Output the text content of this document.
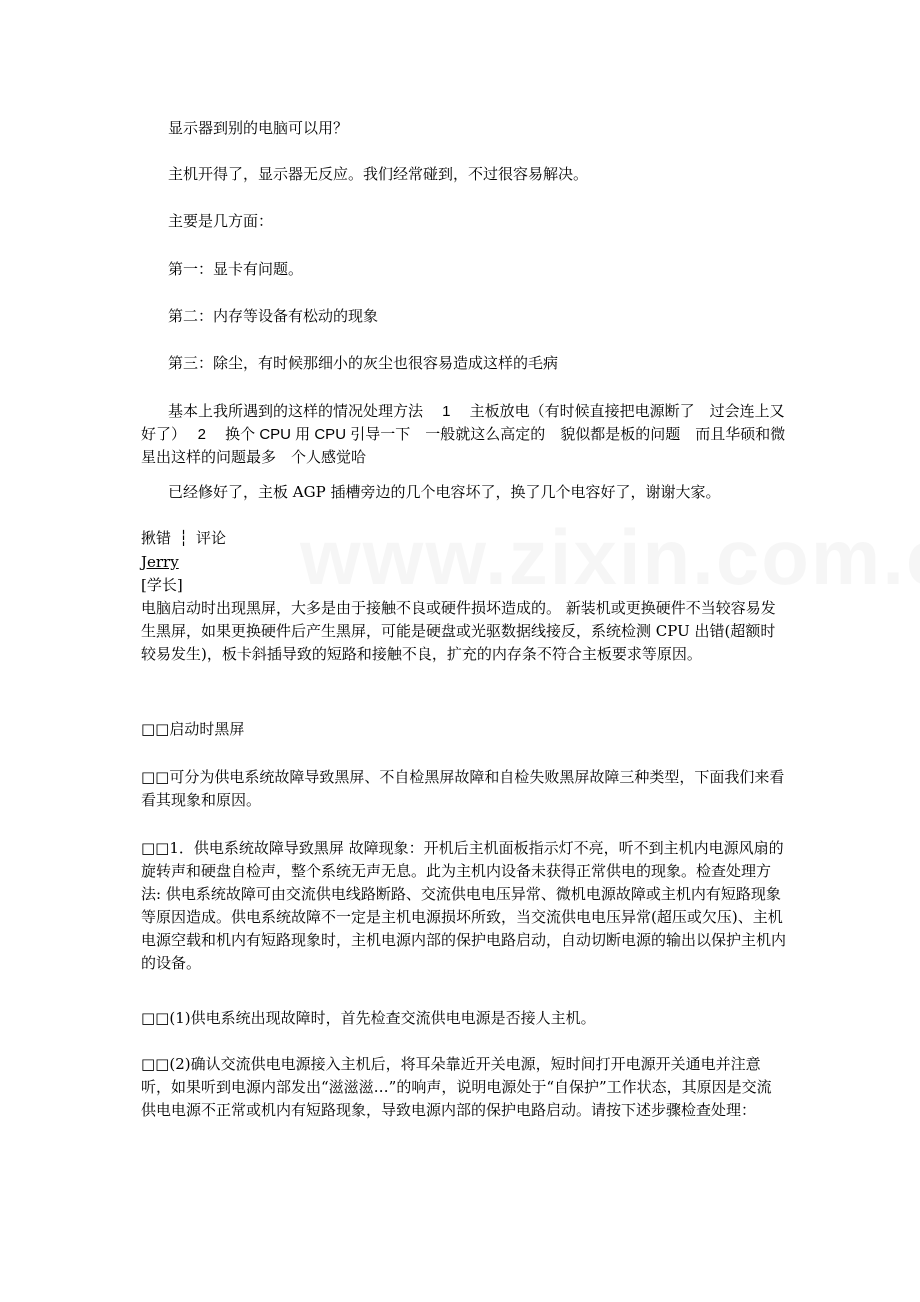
显示器到别的电脑可以用？

主机开得了，显示器无反应。我们经常碰到，不过很容易解决。

主要是几方面：

第一：显卡有问题。

第二：内存等设备有松动的现象

第三：除尘，有时候那细小的灰尘也很容易造成这样的毛病

基本上我所遇到的这样的情况处理方法　 1　 主板放电（有时候直接把电源断了　过会连上又好了）　 2　 换个 CPU 用 CPU 引导一下　一般就这么高定的　貌似都是板的问题　而且华硕和微星出这样的问题最多　个人感觉哈

已经修好了，主板 AGP 插槽旁边的几个电容坏了，换了几个电容好了，谢谢大家。

揪错 ┆ 评论
Jerry

[学长]

电脑启动时出现黑屏，大多是由于接触不良或硬件损坏造成的。 新装机或更换硬件不当较容易发生黑屏，如果更换硬件后产生黑屏，可能是硬盘或光驱数据线接反，系统检测 CPU 出错(超额时较易发生)，板卡斜插导致的短路和接触不良，扩充的内存条不符合主板要求等原因。

□□启动时黑屏

□□可分为供电系统故障导致黑屏、不自检黑屏故障和自检失败黑屏故障三种类型，下面我们来看看其现象和原因。

□□1．供电系统故障导致黑屏 故障现象：开机后主机面板指示灯不亮，听不到主机内电源风扇的旋转声和硬盘自检声，整个系统无声无息。此为主机内设备未获得正常供电的现象。检查处理方法: 供电系统故障可由交流供电线路断路、交流供电电压异常、微机电源故障或主机内有短路现象等原因造成。供电系统故障不一定是主机电源损坏所致，当交流供电电压异常(超压或欠压)、主机电源空载和机内有短路现象时，主机电源内部的保护电路启动，自动切断电源的输出以保护主机内的设备。

□□(1)供电系统出现故障时，首先检查交流供电电源是否接人主机。

□□(2)确认交流供电电源接入主机后，将耳朵靠近开关电源，短时间打开电源开关通电并注意听，如果听到电源内部发出“滋滋滋…”的响声，说明电源处于“自保护”工作状态，其原因是交流供电电源不正常或机内有短路现象，导致电源内部的保护电路启动。请按下述步骤检查处理：
